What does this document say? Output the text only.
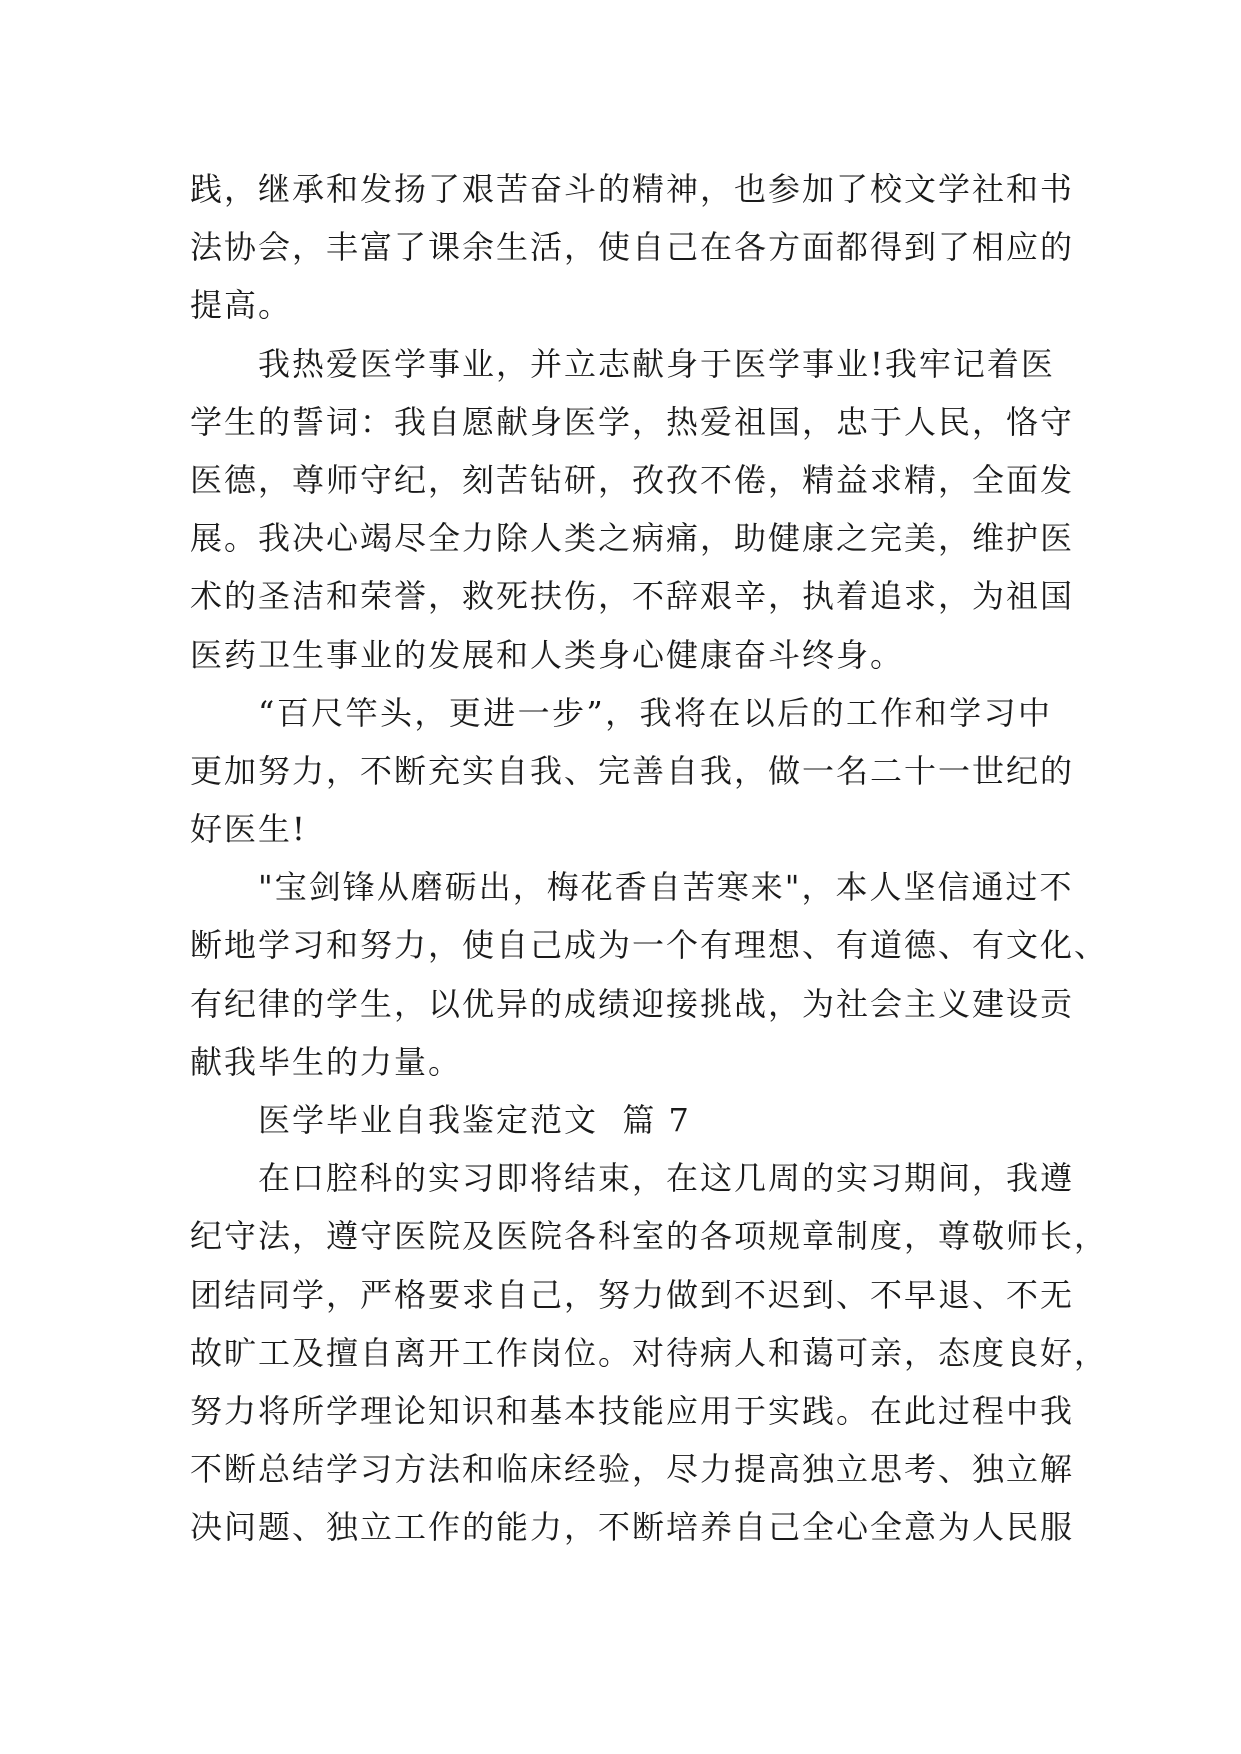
践，继承和发扬了艰苦奋斗的精神，也参加了校文学社和书
法协会，丰富了课余生活，使自己在各方面都得到了相应的
提高。

我热爱医学事业，并立志献身于医学事业!我牢记着医
学生的誓词：我自愿献身医学，热爱祖国，忠于人民，恪守
医德，尊师守纪，刻苦钻研，孜孜不倦，精益求精，全面发
展。我决心竭尽全力除人类之病痛，助健康之完美，维护医
术的圣洁和荣誉，救死扶伤，不辞艰辛，执着追求，为祖国
医药卫生事业的发展和人类身心健康奋斗终身。

“百尺竿头，更进一步”，我将在以后的工作和学习中
更加努力，不断充实自我、完善自我，做一名二十一世纪的
好医生!

"宝剑锋从磨砺出，梅花香自苦寒来"，本人坚信通过不
断地学习和努力，使自己成为一个有理想、有道德、有文化、
有纪律的学生，以优异的成绩迎接挑战，为社会主义建设贡
献我毕生的力量。

医学毕业自我鉴定范文  篇 7

在口腔科的实习即将结束，在这几周的实习期间，我遵
纪守法，遵守医院及医院各科室的各项规章制度，尊敬师长，
团结同学，严格要求自己，努力做到不迟到、不早退、不无
故旷工及擅自离开工作岗位。对待病人和蔼可亲，态度良好，
努力将所学理论知识和基本技能应用于实践。在此过程中我
不断总结学习方法和临床经验，尽力提高独立思考、独立解
决问题、独立工作的能力，不断培养自己全心全意为人民服
